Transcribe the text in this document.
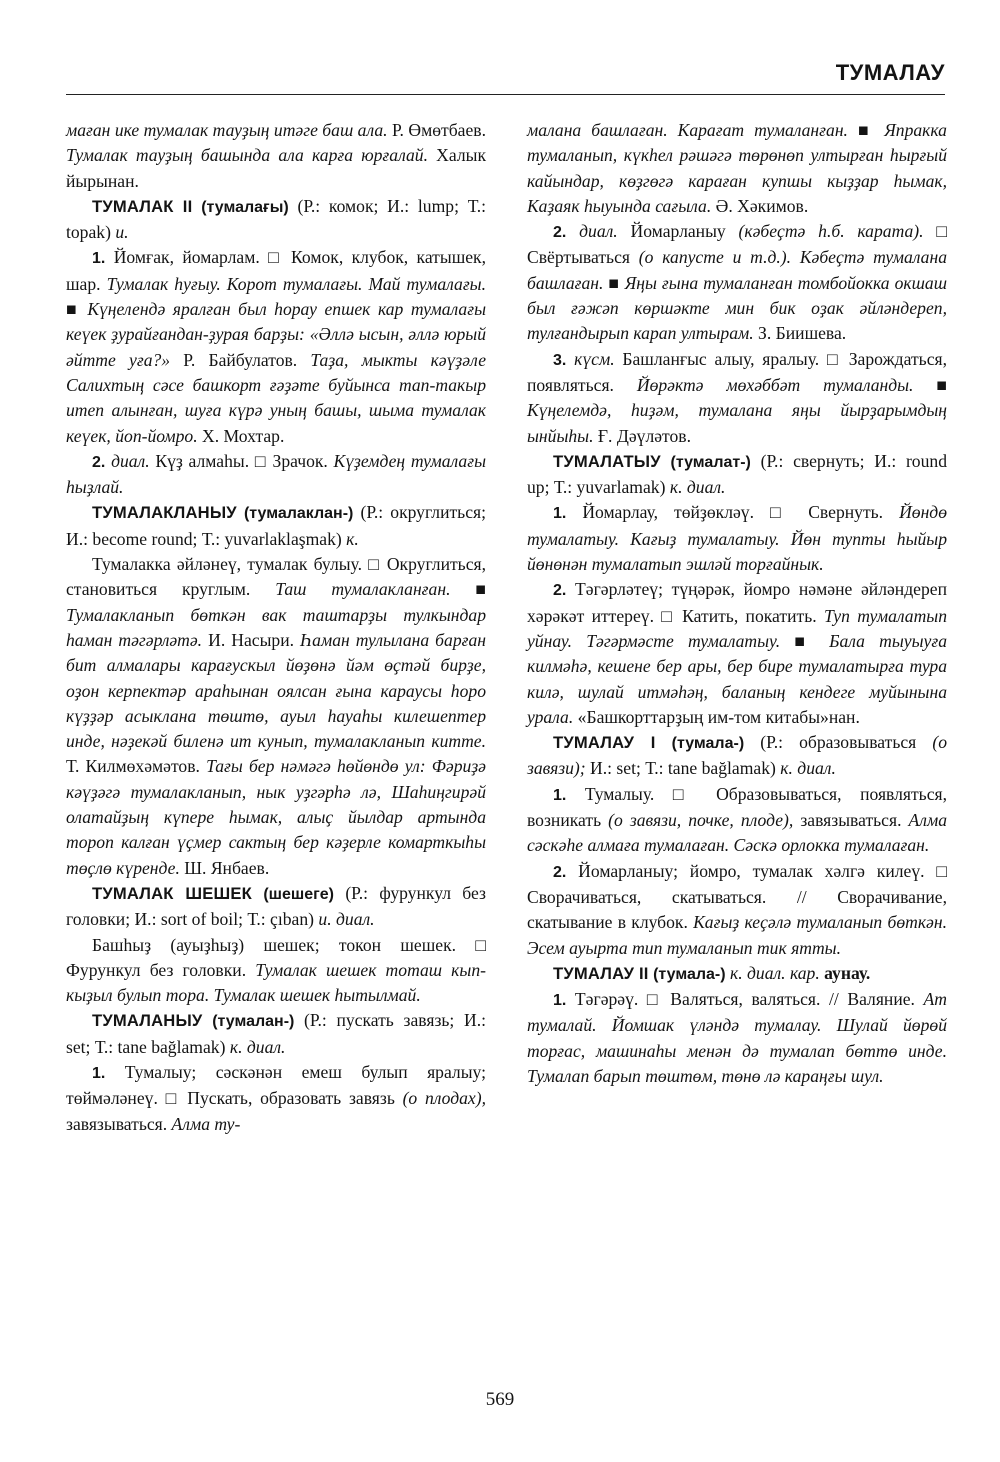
ТУМАЛАУ

маған ике тумалак тауҙың итәге баш ала. Р. Өмөтбаев. Тумалак тауҙың башында ала карға юрғалай. Халык йырынан.

ТУМАЛАК II (тумалағы) (Р.: комок; И.: lump; Т.: topak) и.

1. Йомғак, йомарлам. □ Комок, клубок, катышек, шар. Тумалак һуғыу. Корот тумалағы. Май тумалағы. ■ Күңелендә яралған был һорау епшек кар тумалағы кеүек ҙурайғандан-ҙурая барҙы: «Әллә ысын, әллә юрый әйтте уға?» Р. Байбулатов. Таҙа, мыкты кәүҙәле Салихтың сәсе башкорт ғәҙәте буйынса тап-такыр итеп алынған, шуға күрә уның башы, шыма тумалак кеүек, йоп-йомро. Х. Мохтар.

2. диал. Күҙ алмаһы. □ Зрачок. Күҙемдең тумалағы һыҙлай.

ТУМАЛАКЛАНЫУ (тумалаклан-) (Р.: округлиться; И.: become round; Т.: yuvarlaklaşmak) к.

Тумалакка әйләнеү, тумалак булыу. □ Округлиться, становиться круглым. Таш тумалакланған. ■ Тумалакланып бөткән вак таштарҙы тулкындар һаман тәгәрләтә. И. Насыри. Һаман тулылана барған бит алмалары карағускыл йөҙөнә йәм өҫтәй бирҙе, оҙон керпектәр араһынан оялсан ғына караусы һоро күҙҙәр асыклана төштө, ауыл һауаһы килешептер инде, нәҙекәй биленә ит кунып, тумалакланып китте. Т. Килмөхәмәтов. Тағы бер нәмәгә һөйөндө ул: Фәриҙә кәүҙәгә тумалакланып, нык уҙгәрһә лә, Шаһиңгирәй олатайҙың күпере һымак, алыҫ йылдар артында тороп калған үҫмер сактың бер кәҙерле комарткыһы төҫлө күренде. Ш. Янбаев.

ТУМАЛАК ШЕШЕК (шешеге) (Р.: фурункул без головки; И.: sort of boil; Т.: çıban) и. диал.

Башһыҙ (ауыҙһыҙ) шешек; токон шешек. □ Фурункул без головки. Тумалак шешек тоташ кып-кыҙыл булып тора. Тумалак шешек һытылмай.

ТУМАЛАНЫУ (тумалан-) (Р.: пускать завязь; И.: set; Т.: tane bağlamak) к. диал.

1. Тумалыу; сәскәнән емеш булып яралыу; төймәләнеү. □ Пускать, образовать завязь (о плодах), завязываться. Алма ту-

малана башлаған. Карағат тумаланған. ■ Япракка тумаланып, күкһел рәшәгә төрөнөп ултырған һырғый кайындар, көҙгөгә караған купшы кыҙҙар һымак, Каҙаяк һыуында сағыла. Ә. Хәкимов.

2. диал. Йомарланыу (кәбеҫтә һ.б. карата). □ Свёртываться (о капусте и т.д.). Кәбеҫтә тумалана башлаған. ■ Яңы ғына тумаланған томбойокка окшаш был ғәжәп көршәкте мин бик оҙак әйләндереп, тулғандырып карап ултырам. З. Биишева.

3. күсм. Башланғыс алыу, яралыу. □ Зарождаться, появляться. Йөрәктә мөхәббәт тумаланды. ■ Күңелемдә, һиҙәм, тумалана яңы йырҙарымдың ынйыһы. Ғ. Дәүләтов.

ТУМАЛАТЫУ (тумалат-) (Р.: свернуть; И.: round up; Т.: yuvarlamak) к. диал.

1. Йомарлау, төйҙөкләү. □ Свернуть. Йөндө тумалатыу. Кағыҙ тумалатыу. Йөн тупты һыйыр йөнөнән тумалатып эшләй торғайнык.

2. Тәгәрләтеү; түңәрәк, йомро нәмәне әйләндереп хәрәкәт иттереү. □ Катить, покатить. Туп тумалатып уйнау. Тәгәрмәсте тумалатыу. ■ Бала тыуыуға килмәһә, кешене бер ары, бер бире тумалатырға тура килә, шулай итмәһәң, баланың кендеге муйынына урала. «Башкорттарҙың им-том китабы»нан.

ТУМАЛАУ I (тумала-) (Р.: образовываться (о завязи); И.: set; Т.: tane bağlamak) к. диал.

1. Тумалыу. □ Образовываться, появляться, возникать (о завязи, почке, плоде), завязываться. Алма сәскәһе алмаға тумалаған. Сәскә орлокка тумалаған.

2. Йомарланыу; йомро, тумалак хәлгә килеү. □ Сворачиваться, скатываться. // Сворачивание, скатывание в клубок. Кағыҙ кеҫәлә тумаланып бөткән. Эсем ауырта тип тумаланып тик ятты.

ТУМАЛАУ II (тумала-) к. диал. кар. аунау.

1. Тәгәрәү. □ Валяться, валяться. // Валяние. Ат тумалай. Йомшак үләндә тумалау. Шулай йөрөй торғас, машинаһы менән дә тумалап бөттө инде. Тумалап барып төштөм, төнө лә караңғы шул.

569
